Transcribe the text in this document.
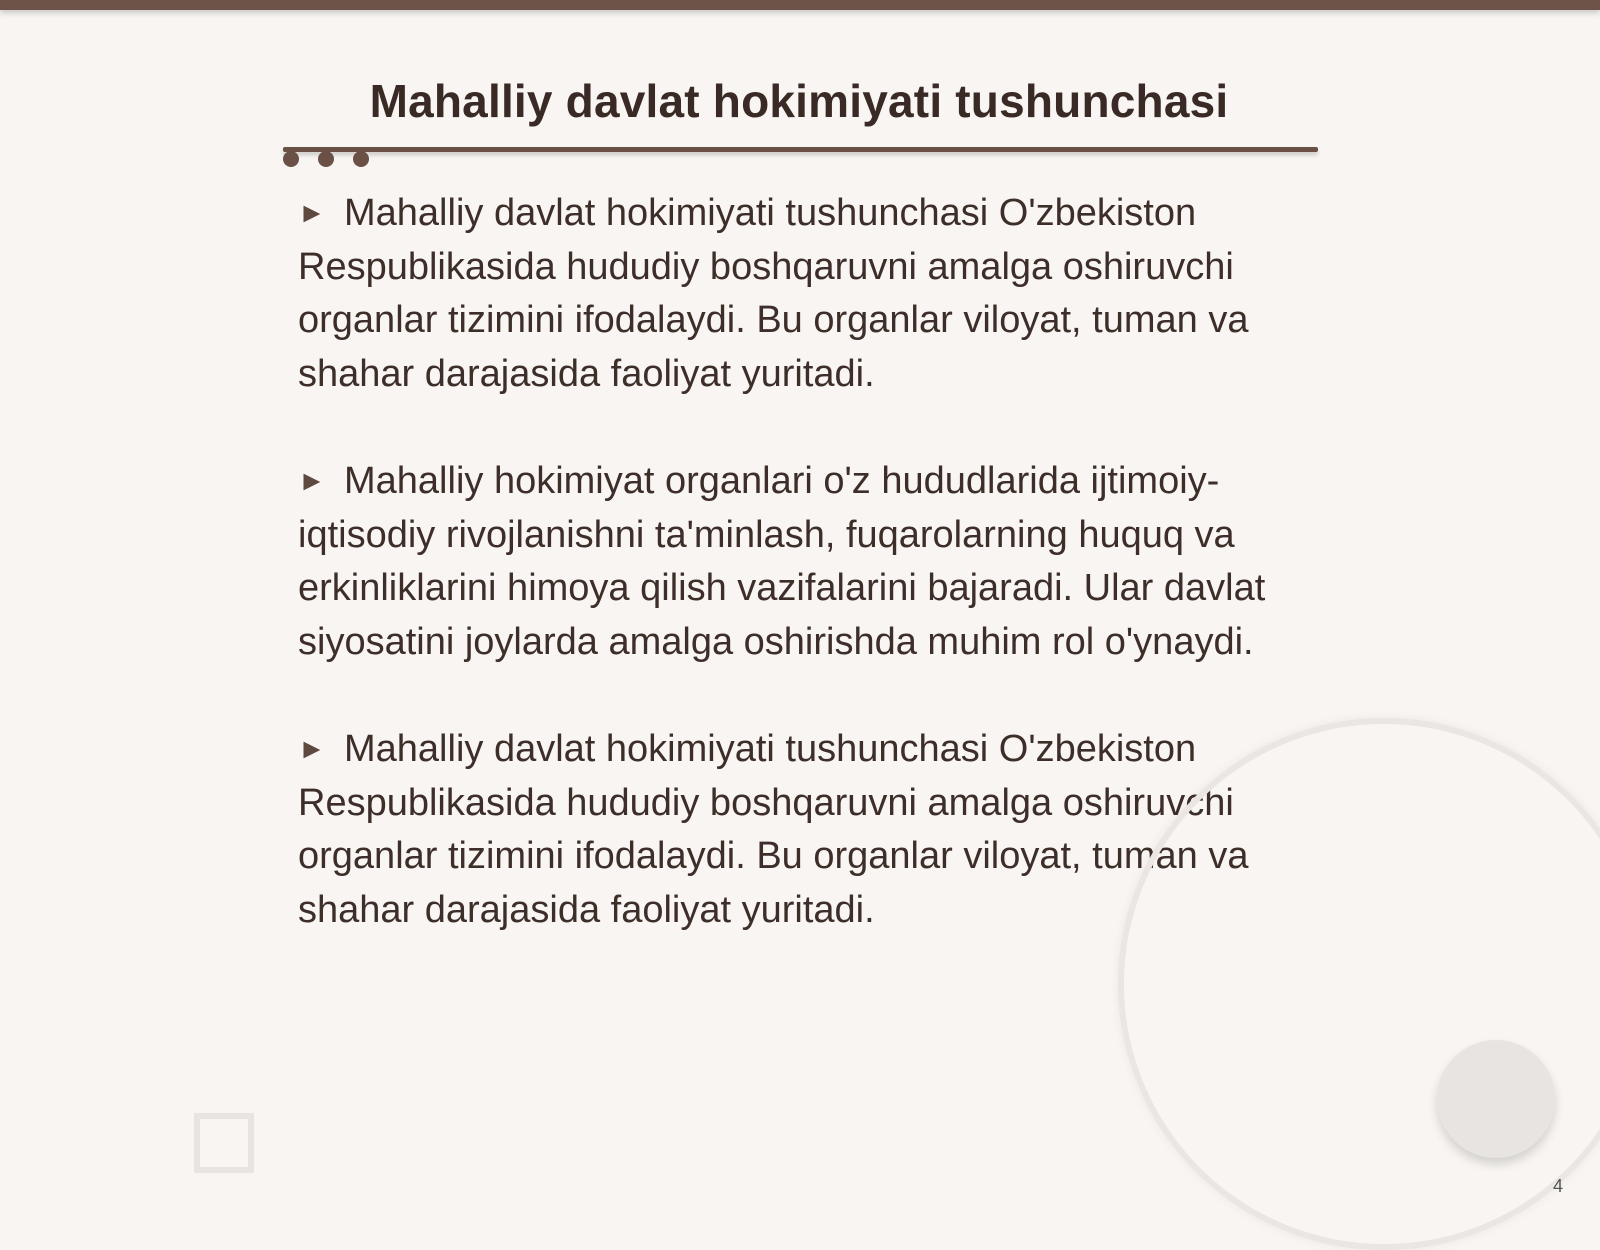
Mahalliy davlat hokimiyati tushunchasi

► Mahalliy davlat hokimiyati tushunchasi O'zbekiston Respublikasida hududiy boshqaruvni amalga oshiruvchi organlar tizimini ifodalaydi. Bu organlar viloyat, tuman va shahar darajasida faoliyat yuritadi.

► Mahalliy hokimiyat organlari o'z hududlarida ijtimoiy-iqtisodiy rivojlanishni ta'minlash, fuqarolarning huquq va erkinliklarini himoya qilish vazifalarini bajaradi. Ular davlat siyosatini joylarda amalga oshirishda muhim rol o'ynaydi.

► Mahalliy davlat hokimiyati tushunchasi O'zbekiston Respublikasida hududiy boshqaruvni amalga oshiruvchi organlar tizimini ifodalaydi. Bu organlar viloyat, tuman va shahar darajasida faoliyat yuritadi.

4
